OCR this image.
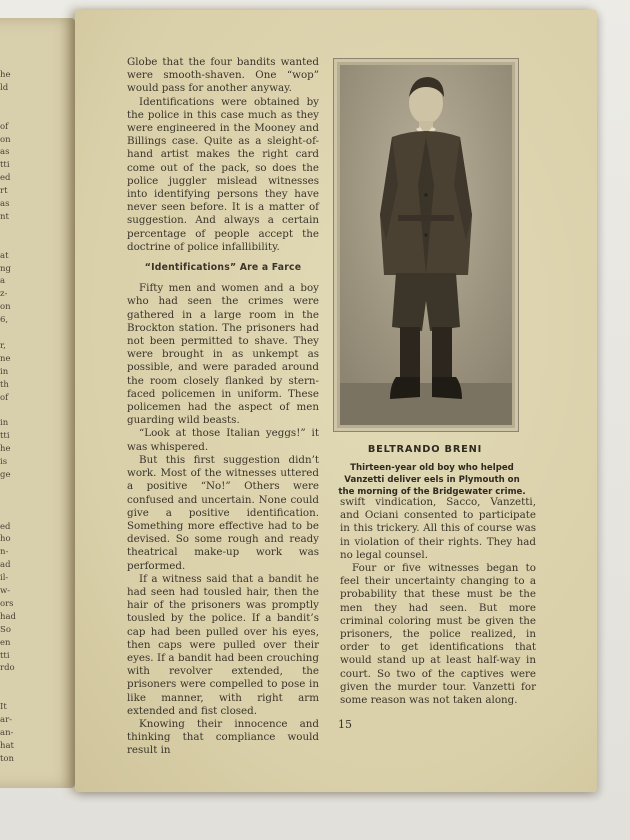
he
ld
of
on
as
tti
ed
rt
as
nt
at
ng
a
z-
on
6,
r,
ne
in
th
of
in
tti
he
is
ge
ed
ho
n-
ad
il-
w-
ors
had
So
en
tti
rdo
It
ar-
an-
hat
ton

Globe that the four bandits wanted were smooth-shaven. One “wop” would pass for another anyway.

Identifications were obtained by the police in this case much as they were engineered in the Mooney and Billings case. Quite as a sleight-of-hand artist makes the right card come out of the pack, so does the police juggler mislead witnesses into identifying persons they have never seen before. It is a matter of suggestion. And always a certain percentage of people accept the doctrine of police infallibility.

“Identifications” Are a Farce

Fifty men and women and a boy who had seen the crimes were gathered in a large room in the Brockton station. The prisoners had not been permitted to shave. They were brought in as unkempt as possible, and were paraded around the room closely flanked by stern-faced policemen in uniform. These policemen had the aspect of men guarding wild beasts.

“Look at those Italian yeggs!” it was whispered.

But this first suggestion didn’t work. Most of the witnesses uttered a positive “No!” Others were confused and uncertain. None could give a positive identification. Something more effective had to be devised. So some rough and ready theatrical make-up work was performed.

If a witness said that a bandit he had seen had tousled hair, then the hair of the prisoners was promptly tousled by the police. If a bandit’s cap had been pulled over his eyes, then caps were pulled over their eyes. If a bandit had been crouching with revolver extended, the prisoners were compelled to pose in like manner, with right arm extended and fist closed.

Knowing their innocence and thinking that compliance would result in

BELTRANDO BRENI
Thirteen-year old boy who helped Vanzetti deliver eels in Plymouth on the morning of the Bridgewater crime.

swift vindication, Sacco, Vanzetti, and Ociani consented to participate in this trickery. All this of course was in violation of their rights. They had no legal counsel.

Four or five witnesses began to feel their uncertainty changing to a probability that these must be the men they had seen. But more criminal coloring must be given the prisoners, the police realized, in order to get identifications that would stand up at least half-way in court. So two of the captives were given the murder tour. Vanzetti for some reason was not taken along.

15
